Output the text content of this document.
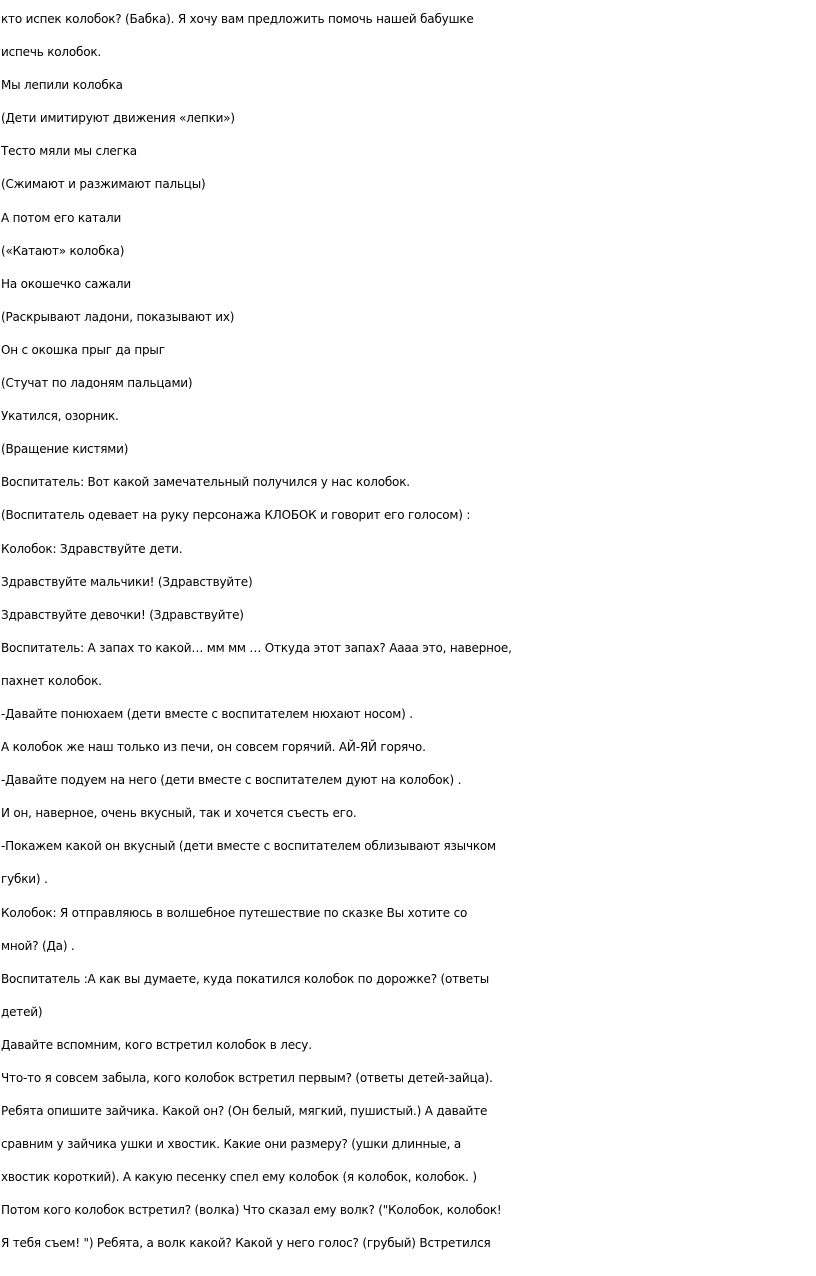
кто испек колобок? (Бабка). Я хочу вам предложить помочь нашей бабушке

испечь колобок.

Мы лепили колобка

(Дети имитируют движения «лепки»)

Тесто мяли мы слегка

(Сжимают и разжимают пальцы)

А потом его катали

(«Катают» колобка)

На окошечко сажали

(Раскрывают ладони, показывают их)

Он с окошка прыг да прыг

(Стучат по ладоням пальцами)

Укатился, озорник.

(Вращение кистями)

Воспитатель: Вот какой замечательный получился у нас колобок.

(Воспитатель одевает на руку персонажа КЛОБОК и говорит его голосом) :

Колобок: Здравствуйте дети.

Здравствуйте мальчики! (Здравствуйте)

Здравствуйте девочки! (Здравствуйте)

Воспитатель: А запах то какой… мм мм … Откуда этот запах? Аааа это, наверное,

пахнет колобок.

-Давайте понюхаем (дети вместе с воспитателем нюхают носом) .

А колобок же наш только из печи, он совсем горячий. АЙ-ЯЙ горячо.

-Давайте подуем на него (дети вместе с воспитателем дуют на колобок) .

И он, наверное, очень вкусный, так и хочется съесть его.

-Покажем какой он вкусный (дети вместе с воспитателем облизывают язычком

губки) .

Колобок: Я отправляюсь в волшебное путешествие по сказке Вы хотите со

мной? (Да) .

Воспитатель :А как вы думаете, куда покатился колобок по дорожке? (ответы

детей)

Давайте вспомним, кого встретил колобок в лесу.

Что-то я совсем забыла, кого колобок встретил первым? (ответы детей-зайца).

Ребята опишите зайчика. Какой он? (Он белый, мягкий, пушистый.) А давайте

сравним у зайчика ушки и хвостик. Какие они размеру? (ушки длинные, а

хвостик короткий). А какую песенку спел ему колобок (я колобок, колобок. )

Потом кого колобок встретил? (волка) Что сказал ему волк? ("Колобок, колобок!

Я тебя съем! ") Ребята, а волк какой? Какой у него голос? (грубый) Встретился
